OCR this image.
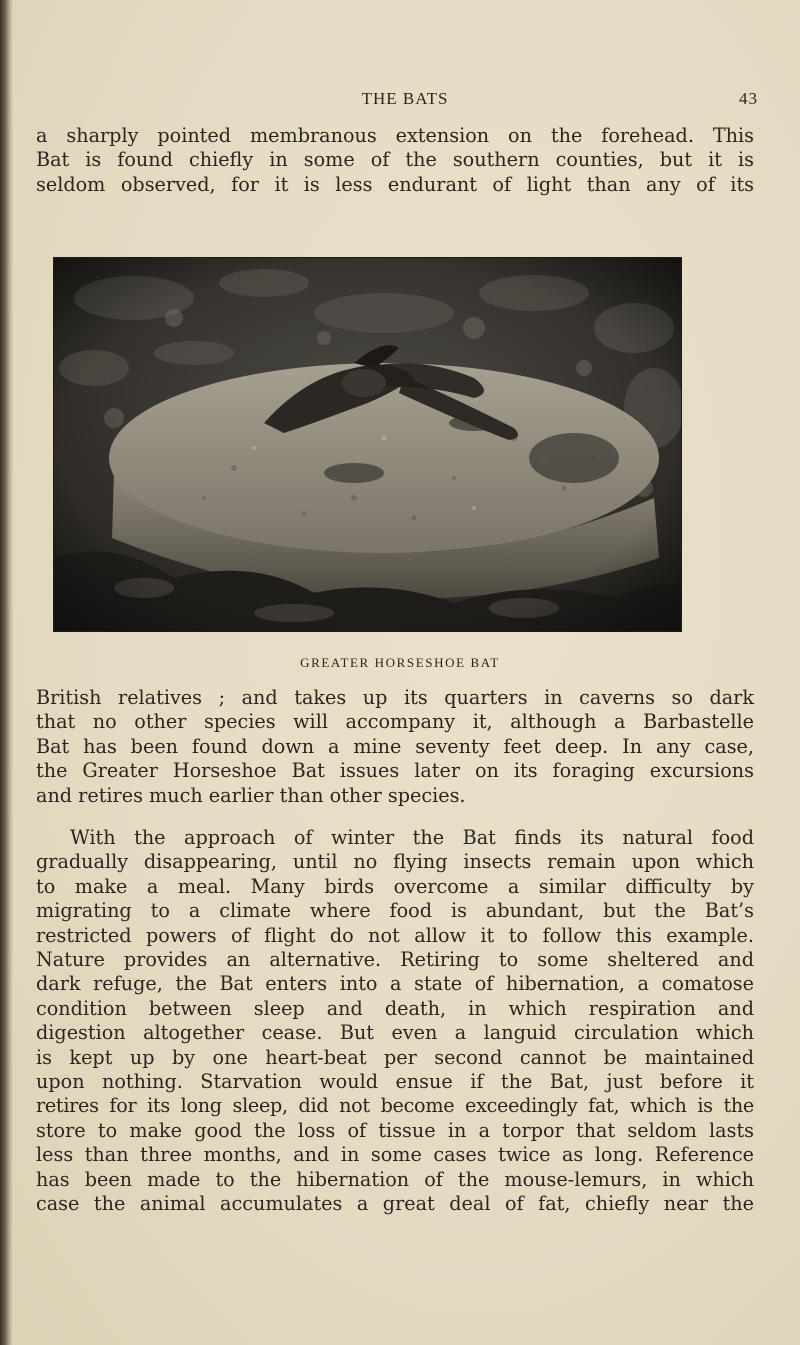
THE BATS	43
a sharply pointed membranous extension on the forehead. This
Bat is found chiefly in some of the southern counties, but it is
seldom observed, for it is less endurant of light than any of its
GREATER HORSESHOE BAT
British relatives ; and takes up its quarters in caverns so dark
that no other species will accompany it, although a Barbastelle
Bat has been found down a mine seventy feet deep. In any case,
the Greater Horseshoe Bat issues later on its foraging excursions
and retires much earlier than other species.
With the approach of winter the Bat finds its natural food
gradually disappearing, until no flying insects remain upon which
to make a meal. Many birds overcome a similar difficulty by
migrating to a climate where food is abundant, but the Bat’s
restricted powers of flight do not allow it to follow this example.
Nature provides an alternative. Retiring to some sheltered and
dark refuge, the Bat enters into a state of hibernation, a comatose
condition between sleep and death, in which respiration and
digestion altogether cease. But even a languid circulation which
is kept up by one heart-beat per second cannot be maintained
upon nothing. Starvation would ensue if the Bat, just before it
retires for its long sleep, did not become exceedingly fat, which is the
store to make good the loss of tissue in a torpor that seldom lasts
less than three months, and in some cases twice as long. Reference
has been made to the hibernation of the mouse-lemurs, in which
case the animal accumulates a great deal of fat, chiefly near the
